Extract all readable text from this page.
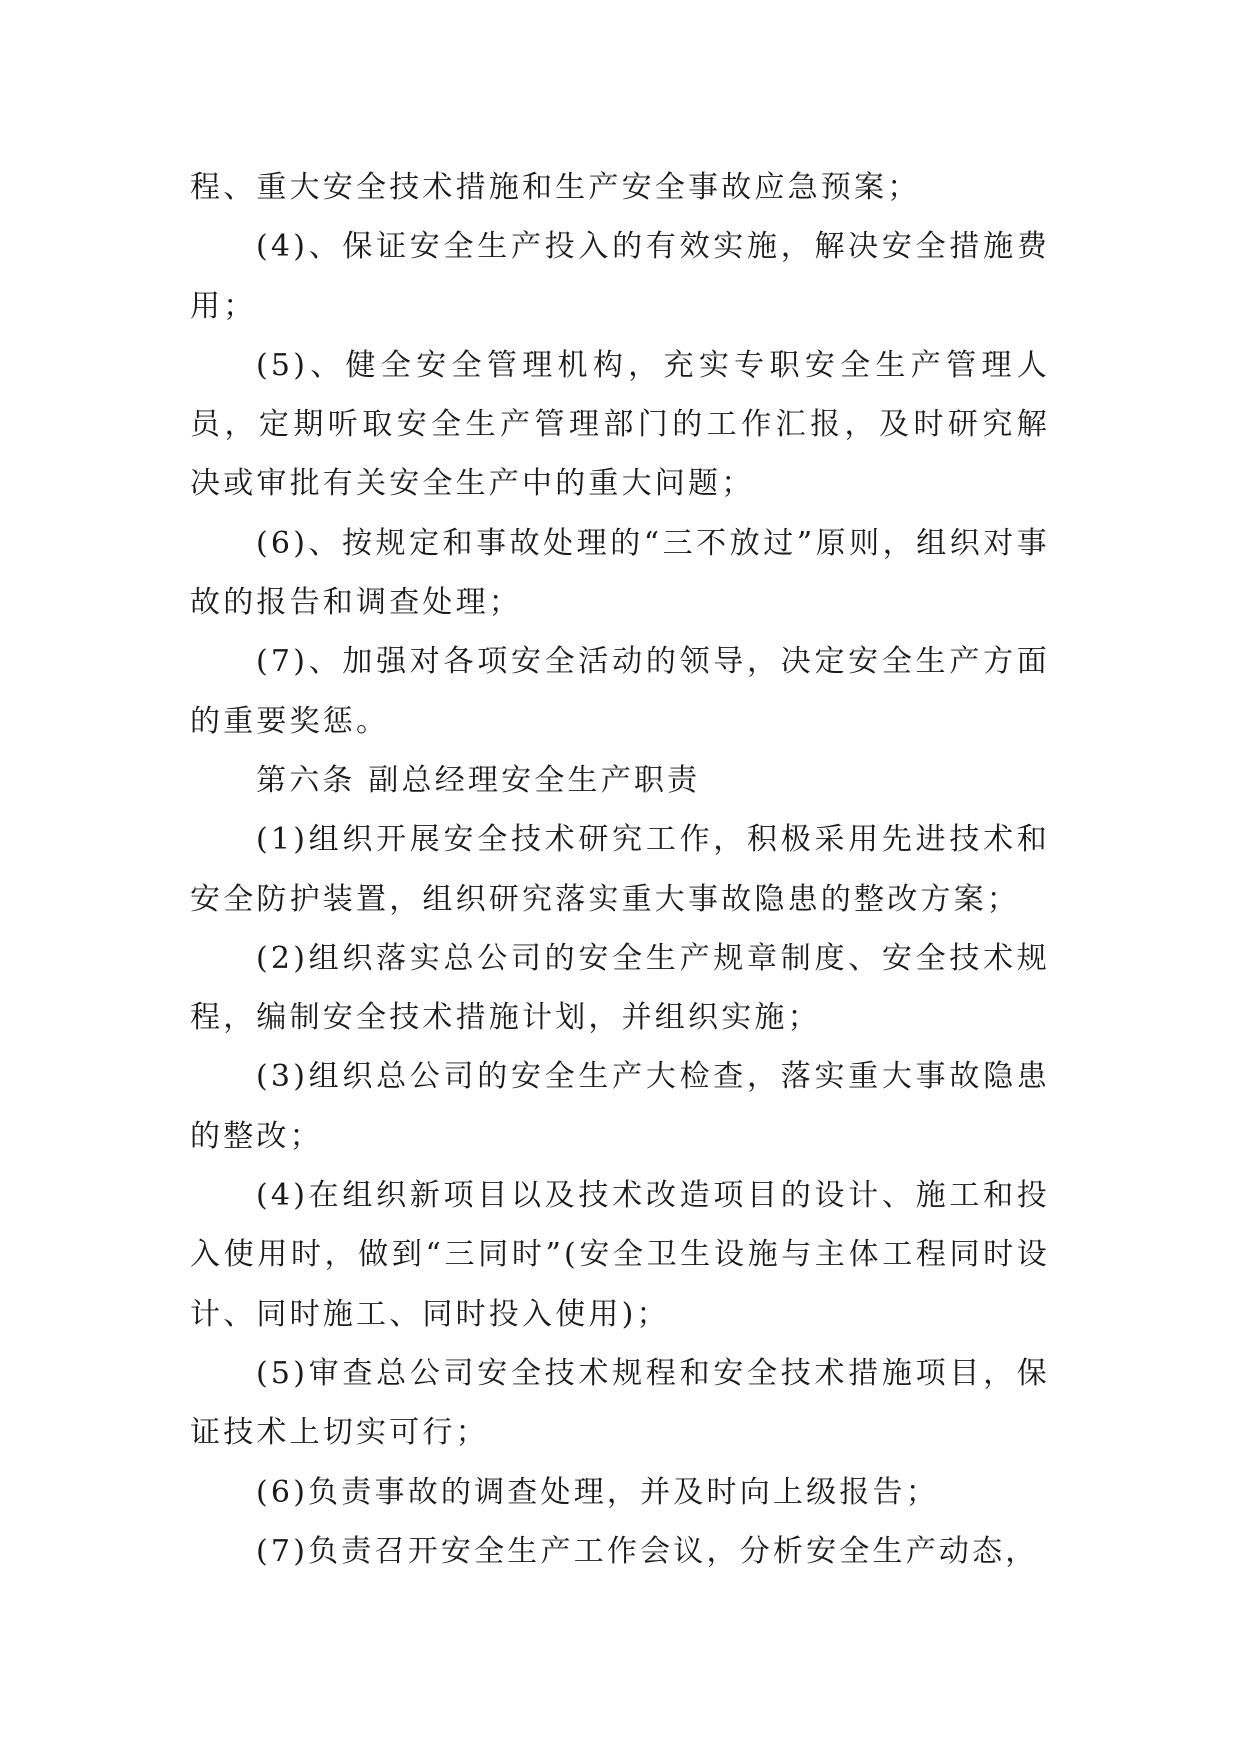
程、重大安全技术措施和生产安全事故应急预案；

(4)、保证安全生产投入的有效实施，解决安全措施费用；

(5)、健全安全管理机构，充实专职安全生产管理人员，定期听取安全生产管理部门的工作汇报，及时研究解决或审批有关安全生产中的重大问题；

(6)、按规定和事故处理的“三不放过”原则，组织对事故的报告和调查处理；

(7)、加强对各项安全活动的领导，决定安全生产方面的重要奖惩。

第六条 副总经理安全生产职责

(1)组织开展安全技术研究工作，积极采用先进技术和安全防护装置，组织研究落实重大事故隐患的整改方案；

(2)组织落实总公司的安全生产规章制度、安全技术规程，编制安全技术措施计划，并组织实施；

(3)组织总公司的安全生产大检查，落实重大事故隐患的整改；

(4)在组织新项目以及技术改造项目的设计、施工和投入使用时，做到“三同时”(安全卫生设施与主体工程同时设计、同时施工、同时投入使用)；

(5)审查总公司安全技术规程和安全技术措施项目，保证技术上切实可行；

(6)负责事故的调查处理，并及时向上级报告；

(7)负责召开安全生产工作会议，分析安全生产动态，
